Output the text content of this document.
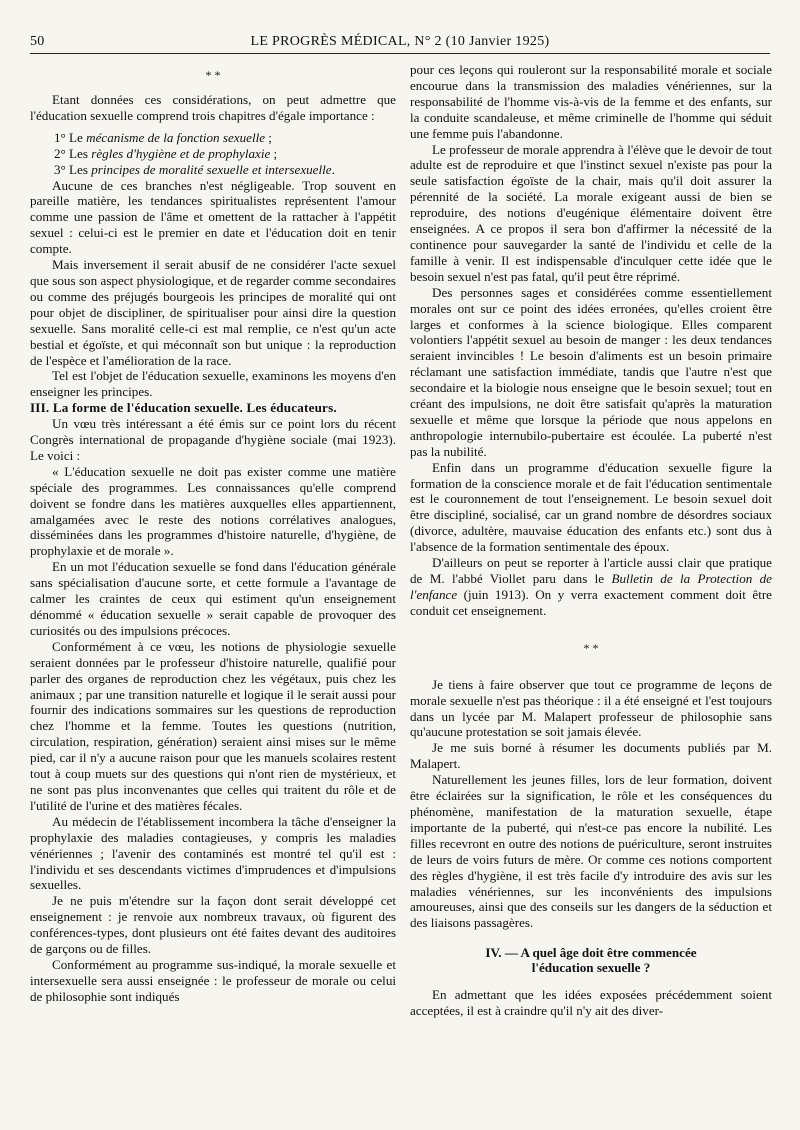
50	LE PROGRÈS MÉDICAL, N° 2 (10 Janvier 1925)
* *

Etant données ces considérations, on peut admettre que l'éducation sexuelle comprend trois chapitres d'égale importance :

1° Le mécanisme de la fonction sexuelle ;

2° Les règles d'hygiène et de prophylaxie ;

3° Les principes de moralité sexuelle et intersexuelle.

Aucune de ces branches n'est négligeable. Trop souvent en pareille matière, les tendances spiritualistes représentent l'amour comme une passion de l'âme et omettent de la rattacher à l'appétit sexuel : celui-ci est le premier en date et l'éducation doit en tenir compte.

Mais inversement il serait abusif de ne considérer l'acte sexuel que sous son aspect physiologique, et de regarder comme secondaires ou comme des préjugés bourgeois les principes de moralité qui ont pour objet de discipliner, de spiritualiser pour ainsi dire la question sexuelle. Sans moralité celle-ci est mal remplie, ce n'est qu'un acte bestial et égoïste, et qui méconnaît son but unique : la reproduction de l'espèce et l'amélioration de la race.

Tel est l'objet de l'éducation sexuelle, examinons les moyens d'en enseigner les principes.

III. La forme de l'éducation sexuelle. Les éducateurs.

Un vœu très intéressant a été émis sur ce point lors du récent Congrès international de propagande d'hygiène sociale (mai 1923). Le voici :

« L'éducation sexuelle ne doit pas exister comme une matière spéciale des programmes. Les connaissances qu'elle comprend doivent se fondre dans les matières auxquelles elles appartiennent, amalgamées avec le reste des notions corrélatives analogues, disséminées dans les programmes d'histoire naturelle, d'hygiène, de prophylaxie et de morale ».

En un mot l'éducation sexuelle se fond dans l'éducation générale sans spécialisation d'aucune sorte, et cette formule a l'avantage de calmer les craintes de ceux qui estiment qu'un enseignement dénommé « éducation sexuelle » serait capable de provoquer des curiosités ou des impulsions précoces.

Conformément à ce vœu, les notions de physiologie sexuelle seraient données par le professeur d'histoire naturelle, qualifié pour parler des organes de reproduction chez les végétaux, puis chez les animaux ; par une transition naturelle et logique il le serait aussi pour fournir des indications sommaires sur les questions de reproduction chez l'homme et la femme. Toutes les questions (nutrition, circulation, respiration, génération) seraient ainsi mises sur le même pied, car il n'y a aucune raison pour que les manuels scolaires restent tout à coup muets sur des questions qui n'ont rien de mystérieux, et ne sont pas plus inconvenantes que celles qui traitent du rôle et de l'utilité de l'urine et des matières fécales.

Au médecin de l'établissement incombera la tâche d'enseigner la prophylaxie des maladies contagieuses, y compris les maladies vénériennes ; l'avenir des contaminés est montré tel qu'il est : l'individu et ses descendants victimes d'imprudences et d'impulsions sexuelles.

Je ne puis m'étendre sur la façon dont serait développé cet enseignement : je renvoie aux nombreux travaux, où figurent des conférences-types, dont plusieurs ont été faites devant des auditoires de garçons ou de filles.

Conformément au programme sus-indiqué, la morale sexuelle et intersexuelle sera aussi enseignée : le professeur de morale ou celui de philosophie sont indiqués

pour ces leçons qui rouleront sur la responsabilité morale et sociale encourue dans la transmission des maladies vénériennes, sur la responsabilité de l'homme vis-à-vis de la femme et des enfants, sur la conduite scandaleuse, et même criminelle de l'homme qui séduit une femme puis l'abandonne.

Le professeur de morale apprendra à l'élève que le devoir de tout adulte est de reproduire et que l'instinct sexuel n'existe pas pour la seule satisfaction égoïste de la chair, mais qu'il doit assurer la pérennité de la société. La morale exigeant aussi de bien se reproduire, des notions d'eugénique élémentaire doivent être enseignées. A ce propos il sera bon d'affirmer la nécessité de la continence pour sauvegarder la santé de l'individu et celle de la famille à venir. Il est indispensable d'inculquer cette idée que le besoin sexuel n'est pas fatal, qu'il peut être réprimé.

Des personnes sages et considérées comme essentiellement morales ont sur ce point des idées erronées, qu'elles croient être larges et conformes à la science biologique. Elles comparent volontiers l'appétit sexuel au besoin de manger : les deux tendances seraient invincibles ! Le besoin d'aliments est un besoin primaire réclamant une satisfaction immédiate, tandis que l'autre n'est que secondaire et la biologie nous enseigne que le besoin sexuel; tout en créant des impulsions, ne doit être satisfait qu'après la maturation sexuelle et même que lorsque la période que nous appelons en anthropologie internubilo-pubertaire est écoulée. La puberté n'est pas la nubilité.

Enfin dans un programme d'éducation sexuelle figure la formation de la conscience morale et de fait l'éducation sentimentale est le couronnement de tout l'enseignement. Le besoin sexuel doit être discipliné, socialisé, car un grand nombre de désordres sociaux (divorce, adultère, mauvaise éducation des enfants etc.) sont dus à l'absence de la formation sentimentale des époux.

D'ailleurs on peut se reporter à l'article aussi clair que pratique de M. l'abbé Viollet paru dans le Bulletin de la Protection de l'enfance (juin 1913). On y verra exactement comment doit être conduit cet enseignement.

* *

Je tiens à faire observer que tout ce programme de leçons de morale sexuelle n'est pas théorique : il a été enseigné et l'est toujours dans un lycée par M. Malapert professeur de philosophie sans qu'aucune protestation se soit jamais élevée.

Je me suis borné à résumer les documents publiés par M. Malapert.

Naturellement les jeunes filles, lors de leur formation, doivent être éclairées sur la signification, le rôle et les conséquences du phénomène, manifestation de la maturation sexuelle, étape importante de la puberté, qui n'est-ce pas encore la nubilité. Les filles recevront en outre des notions de puériculture, seront instruites de leurs de voirs futurs de mère. Or comme ces notions comportent des règles d'hygiène, il est très facile d'y introduire des avis sur les maladies vénériennes, sur les inconvénients des impulsions amoureuses, ainsi que des conseils sur les dangers de la séduction et des liaisons passagères.

IV. — A quel âge doit être commencée
l'éducation sexuelle ?

En admettant que les idées exposées précédemment soient acceptées, il est à craindre qu'il n'y ait des diver-
